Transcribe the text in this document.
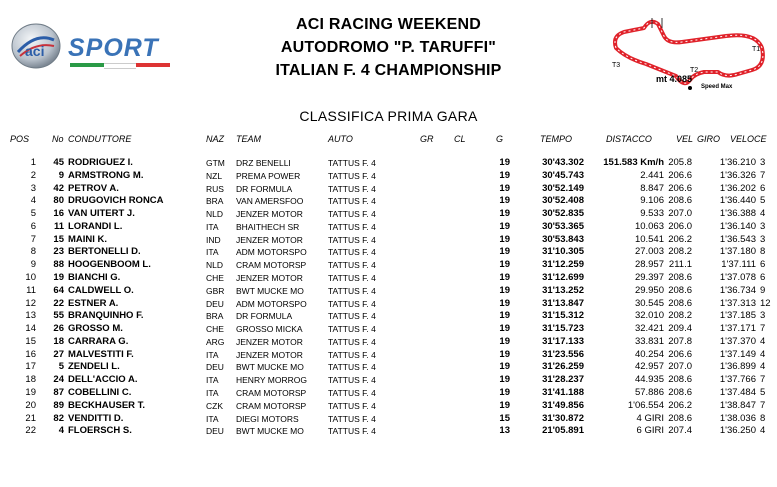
aci SPORT
ACI RACING WEEKEND
AUTODROMO "P. TARUFFI"
ITALIAN F. 4 CHAMPIONSHIP
T1
T2
T3
mt 4.085
Speed Max
CLASSIFICA PRIMA GARA
POS	No CONDUTTORE	NAZ TEAM	AUTO	GR CL	G	TEMPO	DISTACCO	VEL GIRO VELOCE
1	45 RODRIGUEZ I.	GTM DRZ BENELLI	TATTUS F. 4	19	30'43.302	151.583 Km/h 205.8	1'36.210 3
2	9 ARMSTRONG M.	NZL PREMA POWER	TATTUS F. 4	19	30'45.743	2.441 206.6	1'36.326 7
3	42 PETROV A.	RUS DR FORMULA	TATTUS F. 4	19	30'52.149	8.847 206.6	1'36.202 6
4	80 DRUGOVICH RONCA	BRA VAN AMERSFOO	TATTUS F. 4	19	30'52.408	9.106 208.6	1'36.440 5
5	16 VAN UITERT J.	NLD JENZER MOTOR	TATTUS F. 4	19	30'52.835	9.533 207.0	1'36.388 4
6	11 LORANDI L.	ITA BHAITHECH SR	TATTUS F. 4	19	30'53.365	10.063 206.0	1'36.140 3
7	15 MAINI K.	IND JENZER MOTOR	TATTUS F. 4	19	30'53.843	10.541 206.2	1'36.543 3
8	23 BERTONELLI D.	ITA ADM MOTORSPO	TATTUS F. 4	19	31'10.305	27.003 208.2	1'37.180 8
9	88 HOOGENBOOM L.	NLD CRAM MOTORSP	TATTUS F. 4	19	31'12.259	28.957 211.1	1'37.111 6
10	19 BIANCHI G.	CHE JENZER MOTOR	TATTUS F. 4	19	31'12.699	29.397 208.6	1'37.078 6
11	64 CALDWELL O.	GBR BWT MUCKE MO	TATTUS F. 4	19	31'13.252	29.950 208.6	1'36.734 9
12	22 ESTNER A.	DEU ADM MOTORSPO	TATTUS F. 4	19	31'13.847	30.545 208.6	1'37.313 12
13	55 BRANQUINHO F.	BRA DR FORMULA	TATTUS F. 4	19	31'15.312	32.010 208.2	1'37.185 3
14	26 GROSSO M.	CHE GROSSO MICKA	TATTUS F. 4	19	31'15.723	32.421 209.4	1'37.171 7
15	18 CARRARA G.	ARG JENZER MOTOR	TATTUS F. 4	19	31'17.133	33.831 207.8	1'37.370 4
16	27 MALVESTITI F.	ITA JENZER MOTOR	TATTUS F. 4	19	31'23.556	40.254 206.6	1'37.149 4
17	5 ZENDELI L.	DEU BWT MUCKE MO	TATTUS F. 4	19	31'26.259	42.957 207.0	1'36.899 4
18	24 DELL'ACCIO A.	ITA HENRY MORROG TATTUS F. 4	19	31'28.237	44.935 208.6	1'37.766 7
19	87 COBELLINI C.	ITA CRAM MOTORSP	TATTUS F. 4	19	31'41.188	57.886 208.6	1'37.484 5
20	89 BECKHAUSER T.	CZK CRAM MOTORSP	TATTUS F. 4	19	31'49.856	1'06.554 206.2	1'38.847 7
21	82 VENDITTI D.	ITA DIEGI MOTORS	TATTUS F. 4	15	31'30.872	4 GIRI 208.6	1'38.036 8
22	4 FLOERSCH S.	DEU BWT MUCKE MO	TATTUS F. 4	13	21'05.891	6 GIRI 207.4	1'36.250 4
